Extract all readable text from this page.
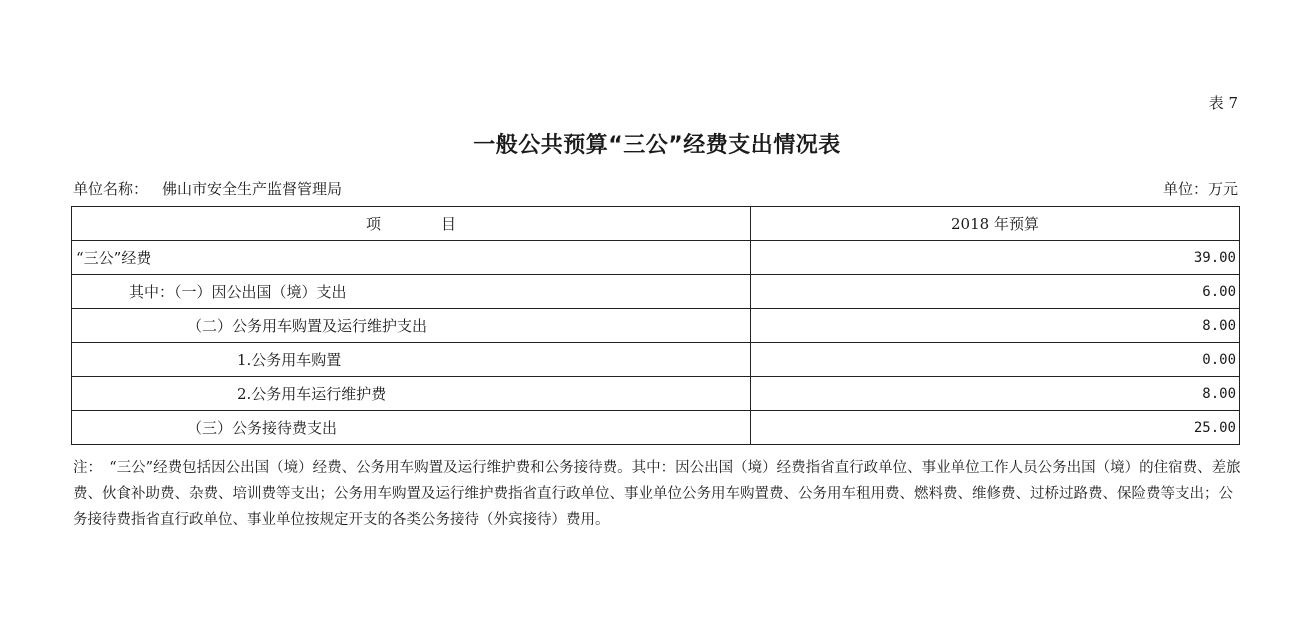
表 7
一般公共预算“三公”经费支出情况表
单位名称： 佛山市安全生产监督管理局	单位：万元
项　　　　目	2018 年预算
“三公”经费	39.00
其中：（一）因公出国（境）支出	6.00
（二）公务用车购置及运行维护支出	8.00
1.公务用车购置	0.00
2.公务用车运行维护费	8.00
（三）公务接待费支出	25.00
注：　“三公”经费包括因公出国（境）经费、公务用车购置及运行维护费和公务接待费。其中：因公出国（境）经费指省直行政单位、事业单位工作人员公务出国（境）的住宿费、差旅费、伙食补助费、杂费、培训费等支出；公务用车购置及运行维护费指省直行政单位、事业单位公务用车购置费、公务用车租用费、燃料费、维修费、过桥过路费、保险费等支出；公务接待费指省直行政单位、事业单位按规定开支的各类公务接待（外宾接待）费用。
